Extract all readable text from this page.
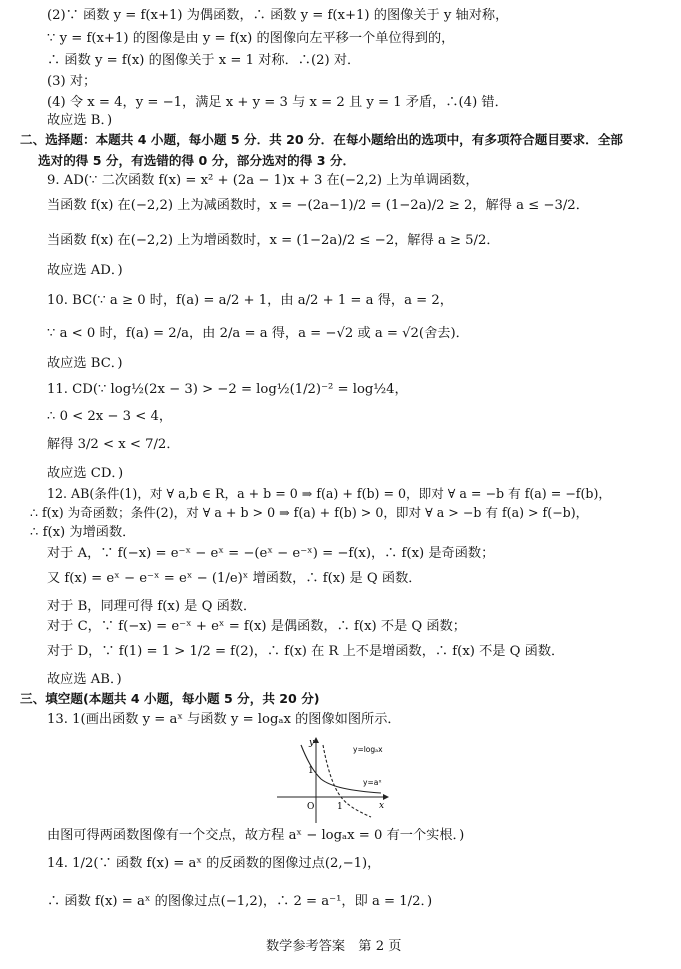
(2)∵ 函数 y = f(x+1) 为偶函数，∴ 函数 y = f(x+1) 的图像关于 y 轴对称，
∵ y = f(x+1) 的图像是由 y = f(x) 的图像向左平移一个单位得到的，
∴ 函数 y = f(x) 的图像关于 x = 1 对称．∴(2) 对．
(3) 对；
(4) 令 x = 4，y = −1，满足 x + y = 3 与 x = 2 且 y = 1 矛盾，∴(4) 错．
故应选 B．)
二、选择题：本题共 4 小题，每小题 5 分．共 20 分．在每小题给出的选项中，有多项符合题目要求．全部
选对的得 5 分，有选错的得 0 分，部分选对的得 3 分．
9. AD(∵ 二次函数 f(x) = x² + (2a − 1)x + 3 在(−2,2) 上为单调函数，
当函数 f(x) 在(−2,2) 上为减函数时，x = −(2a−1)/2 = (1−2a)/2 ≥ 2，解得 a ≤ −3/2．
当函数 f(x) 在(−2,2) 上为增函数时，x = (1−2a)/2 ≤ −2，解得 a ≥ 5/2．
故应选 AD．)
10. BC(∵ a ≥ 0 时，f(a) = a/2 + 1，由 a/2 + 1 = a 得，a = 2，
∵ a < 0 时，f(a) = 2/a，由 2/a = a 得，a = −√2 或 a = √2(舍去)．
故应选 BC．)
11. CD(∵ log½(2x − 3) > −2 = log½(1/2)⁻² = log½4，
∴ 0 < 2x − 3 < 4，
解得 3/2 < x < 7/2．
故应选 CD．)
12. AB(条件(1)，对 ∀ a,b ∈ R，a + b = 0 ⇒ f(a) + f(b) = 0，即对 ∀ a = −b 有 f(a) = −f(b)，
∴ f(x) 为奇函数；条件(2)，对 ∀ a + b > 0 ⇒ f(a) + f(b) > 0，即对 ∀ a > −b 有 f(a) > f(−b)，
∴ f(x) 为增函数．
对于 A，∵ f(−x) = e⁻ˣ − eˣ = −(eˣ − e⁻ˣ) = −f(x)，∴ f(x) 是奇函数；
又 f(x) = eˣ − e⁻ˣ = eˣ − (1/e)ˣ 增函数，∴ f(x) 是 Q 函数．
对于 B，同理可得 f(x) 是 Q 函数．
对于 C，∵ f(−x) = e⁻ˣ + eˣ = f(x) 是偶函数，∴ f(x) 不是 Q 函数；
对于 D，∵ f(1) = 1 > 1/2 = f(2)，∴ f(x) 在 R 上不是增函数，∴ f(x) 不是 Q 函数．
故应选 AB．)
三、填空题(本题共 4 小题，每小题 5 分，共 20 分)
13. 1(画出函数 y = aˣ 与函数 y = logₐx 的图像如图所示．
y
x
y=logₐx
y=aˣ
O	1
1
由图可得两函数图像有一个交点，故方程 aˣ − logₐx = 0 有一个实根．)
14. 1/2(∵ 函数 f(x) = aˣ 的反函数的图像过点(2,−1)，
∴ 函数 f(x) = aˣ 的图像过点(−1,2)，∴ 2 = a⁻¹，即 a = 1/2．)
数学参考答案　第 2 页
